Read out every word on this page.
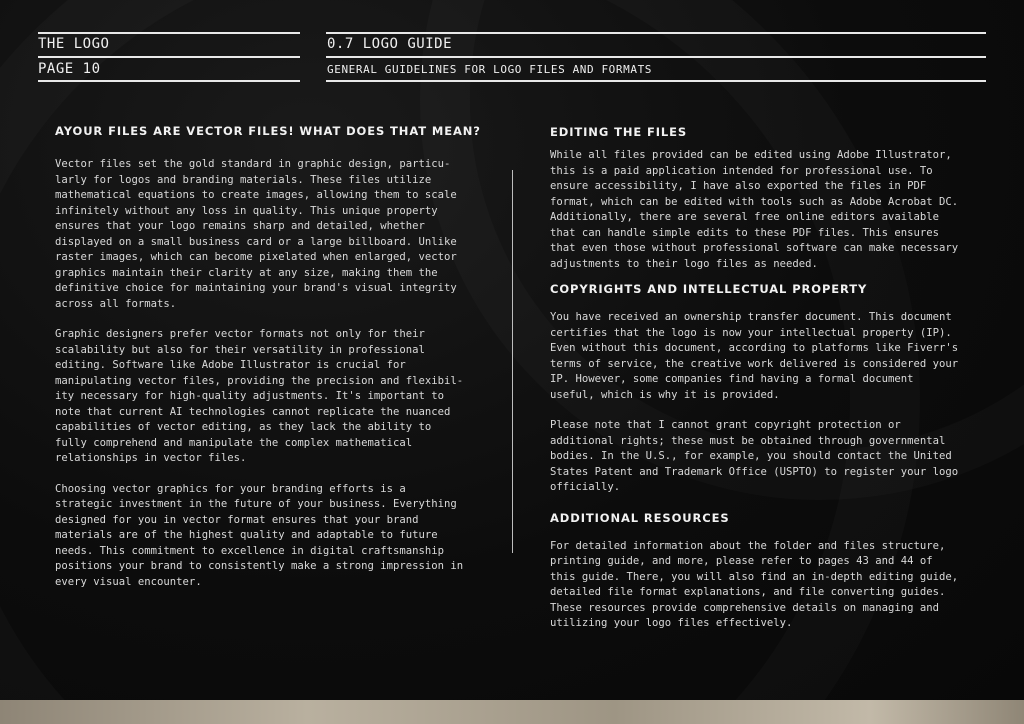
THE LOGO
PAGE 10
0.7 LOGO GUIDE
GENERAL GUIDELINES FOR LOGO FILES AND FORMATS
AYOUR FILES ARE VECTOR FILES! WHAT DOES THAT MEAN?

Vector files set the gold standard in graphic design, particu-
larly for logos and branding materials. These files utilize
mathematical equations to create images, allowing them to scale
infinitely without any loss in quality. This unique property
ensures that your logo remains sharp and detailed, whether
displayed on a small business card or a large billboard. Unlike
raster images, which can become pixelated when enlarged, vector
graphics maintain their clarity at any size, making them the
definitive choice for maintaining your brand's visual integrity
across all formats.

Graphic designers prefer vector formats not only for their
scalability but also for their versatility in professional
editing. Software like Adobe Illustrator is crucial for
manipulating vector files, providing the precision and flexibil-
ity necessary for high-quality adjustments. It's important to
note that current AI technologies cannot replicate the nuanced
capabilities of vector editing, as they lack the ability to
fully comprehend and manipulate the complex mathematical
relationships in vector files.

Choosing vector graphics for your branding efforts is a
strategic investment in the future of your business. Everything
designed for you in vector format ensures that your brand
materials are of the highest quality and adaptable to future
needs. This commitment to excellence in digital craftsmanship
positions your brand to consistently make a strong impression in
every visual encounter.

EDITING THE FILES

While all files provided can be edited using Adobe Illustrator,
this is a paid application intended for professional use. To
ensure accessibility, I have also exported the files in PDF
format, which can be edited with tools such as Adobe Acrobat DC.
Additionally, there are several free online editors available
that can handle simple edits to these PDF files. This ensures
that even those without professional software can make necessary
adjustments to their logo files as needed.

COPYRIGHTS AND INTELLECTUAL PROPERTY

You have received an ownership transfer document. This document
certifies that the logo is now your intellectual property (IP).
Even without this document, according to platforms like Fiverr's
terms of service, the creative work delivered is considered your
IP. However, some companies find having a formal document
useful, which is why it is provided.

Please note that I cannot grant copyright protection or
additional rights; these must be obtained through governmental
bodies. In the U.S., for example, you should contact the United
States Patent and Trademark Office (USPTO) to register your logo
officially.

ADDITIONAL RESOURCES

For detailed information about the folder and files structure,
printing guide, and more, please refer to pages 43 and 44 of
this guide. There, you will also find an in-depth editing guide,
detailed file format explanations, and file converting guides.
These resources provide comprehensive details on managing and
utilizing your logo files effectively.
